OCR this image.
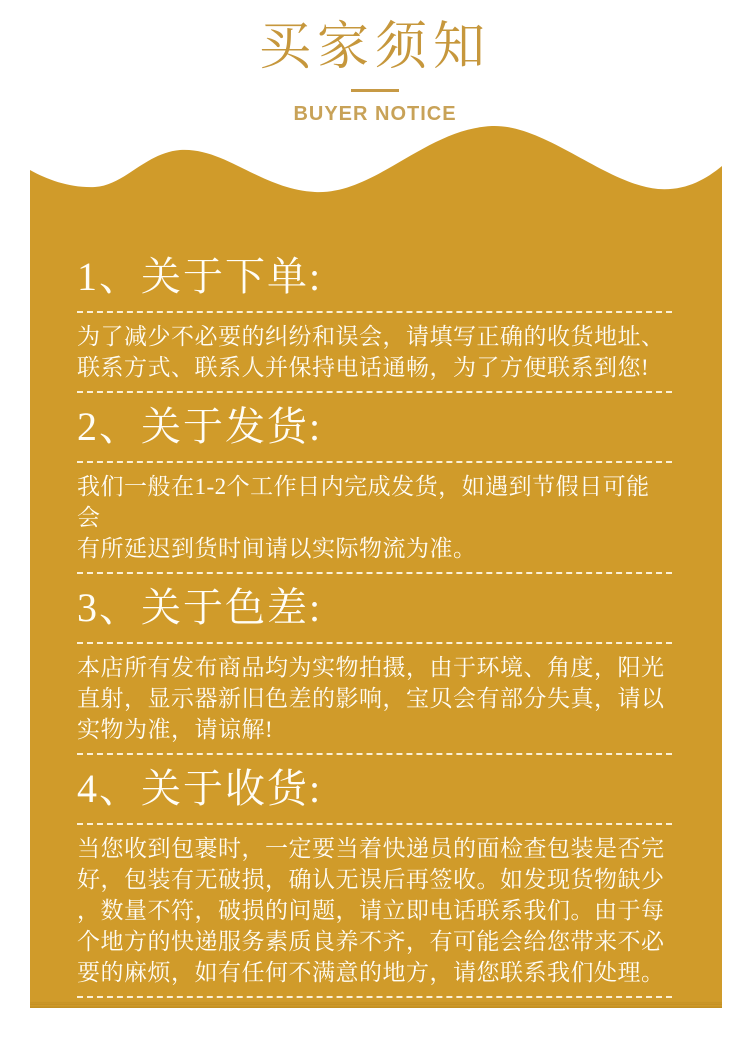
1、关于下单:

为了减少不必要的纠纷和误会，请填写正确的收货地址、
联系方式、联系人并保持电话通畅，为了方便联系到您!

2、关于发货:

我们一般在1-2个工作日内完成发货，如遇到节假日可能会
有所延迟到货时间请以实际物流为准。

3、关于色差:

本店所有发布商品均为实物拍摄，由于环境、角度，阳光
直射，显示器新旧色差的影响，宝贝会有部分失真，请以
实物为准，请谅解!

4、关于收货:

当您收到包裹时，一定要当着快递员的面检查包装是否完
好，包装有无破损，确认无误后再签收。如发现货物缺少
，数量不符，破损的问题，请立即电话联系我们。由于每
个地方的快递服务素质良养不齐，有可能会给您带来不必
要的麻烦，如有任何不满意的地方，请您联系我们处理。

买家须知

BUYER NOTICE
